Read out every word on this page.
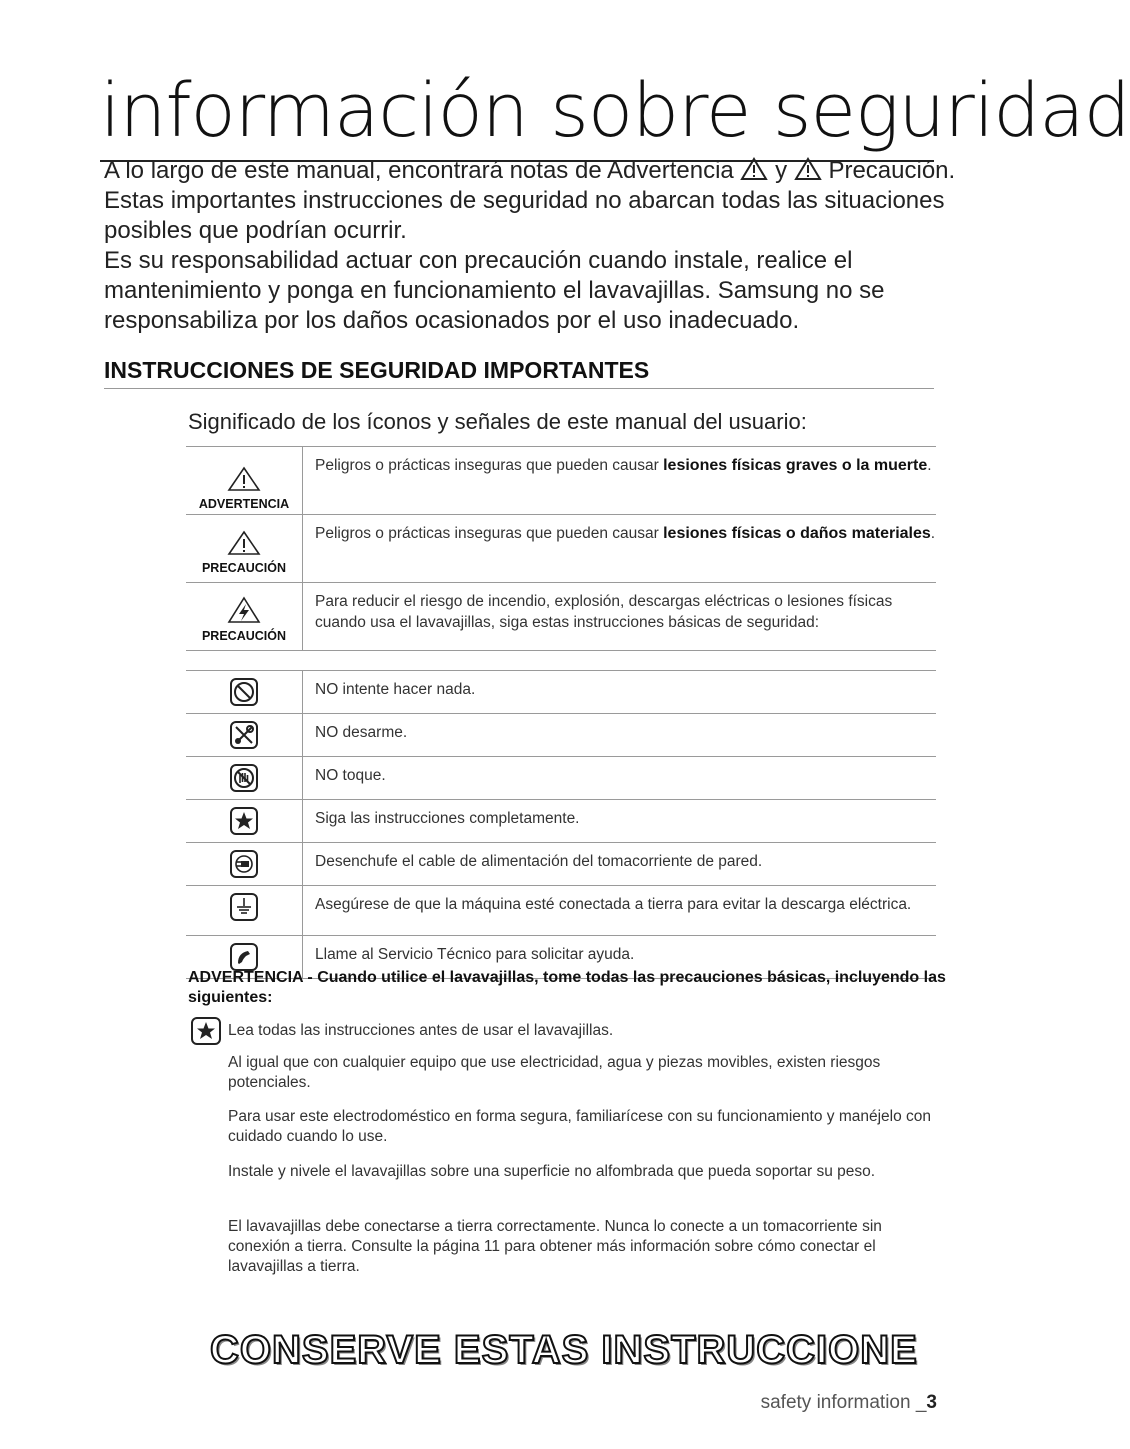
información sobre seguridad

A lo largo de este manual, encontrará notas de Advertencia y Precaución. Estas importantes instrucciones de seguridad no abarcan todas las situaciones posibles que podrían ocurrir.

Es su responsabilidad actuar con precaución cuando instale, realice el mantenimiento y ponga en funcionamiento el lavavajillas. Samsung no se responsabiliza por los daños ocasionados por el uso inadecuado.

INSTRUCCIONES DE SEGURIDAD IMPORTANTES

Significado de los íconos y señales de este manual del usuario:

ADVERTENCIA	Peligros o prácticas inseguras que pueden causar lesiones físicas graves o la muerte.

PRECAUCIÓN	Peligros o prácticas inseguras que pueden causar lesiones físicas o daños materiales.

PRECAUCIÓN	Para reducir el riesgo de incendio, explosión, descargas eléctricas o lesiones físicas cuando usa el lavavajillas, siga estas instrucciones básicas de seguridad:
	NO intente hacer nada.
	NO desarme.
	NO toque.
	Siga las instrucciones completamente.
	Desenchufe el cable de alimentación del tomacorriente de pared.
	Asegúrese de que la máquina esté conectada a tierra para evitar la descarga eléctrica.
	Llame al Servicio Técnico para solicitar ayuda.

ADVERTENCIA - Cuando utilice el lavavajillas, tome todas las precauciones básicas, incluyendo las siguientes:

Lea todas las instrucciones antes de usar el lavavajillas.

Al igual que con cualquier equipo que use electricidad, agua y piezas movibles, existen riesgos potenciales.

Para usar este electrodoméstico en forma segura, familiarícese con su funcionamiento y manéjelo con cuidado cuando lo use.

Instale y nivele el lavavajillas sobre una superficie no alfombrada que pueda soportar su peso.

El lavavajillas debe conectarse a tierra correctamente. Nunca lo conecte a un tomacorriente sin conexión a tierra. Consulte la página 11 para obtener más información sobre cómo conectar el lavavajillas a tierra.

CONSERVE ESTAS INSTRUCCIONE

safety information _3
